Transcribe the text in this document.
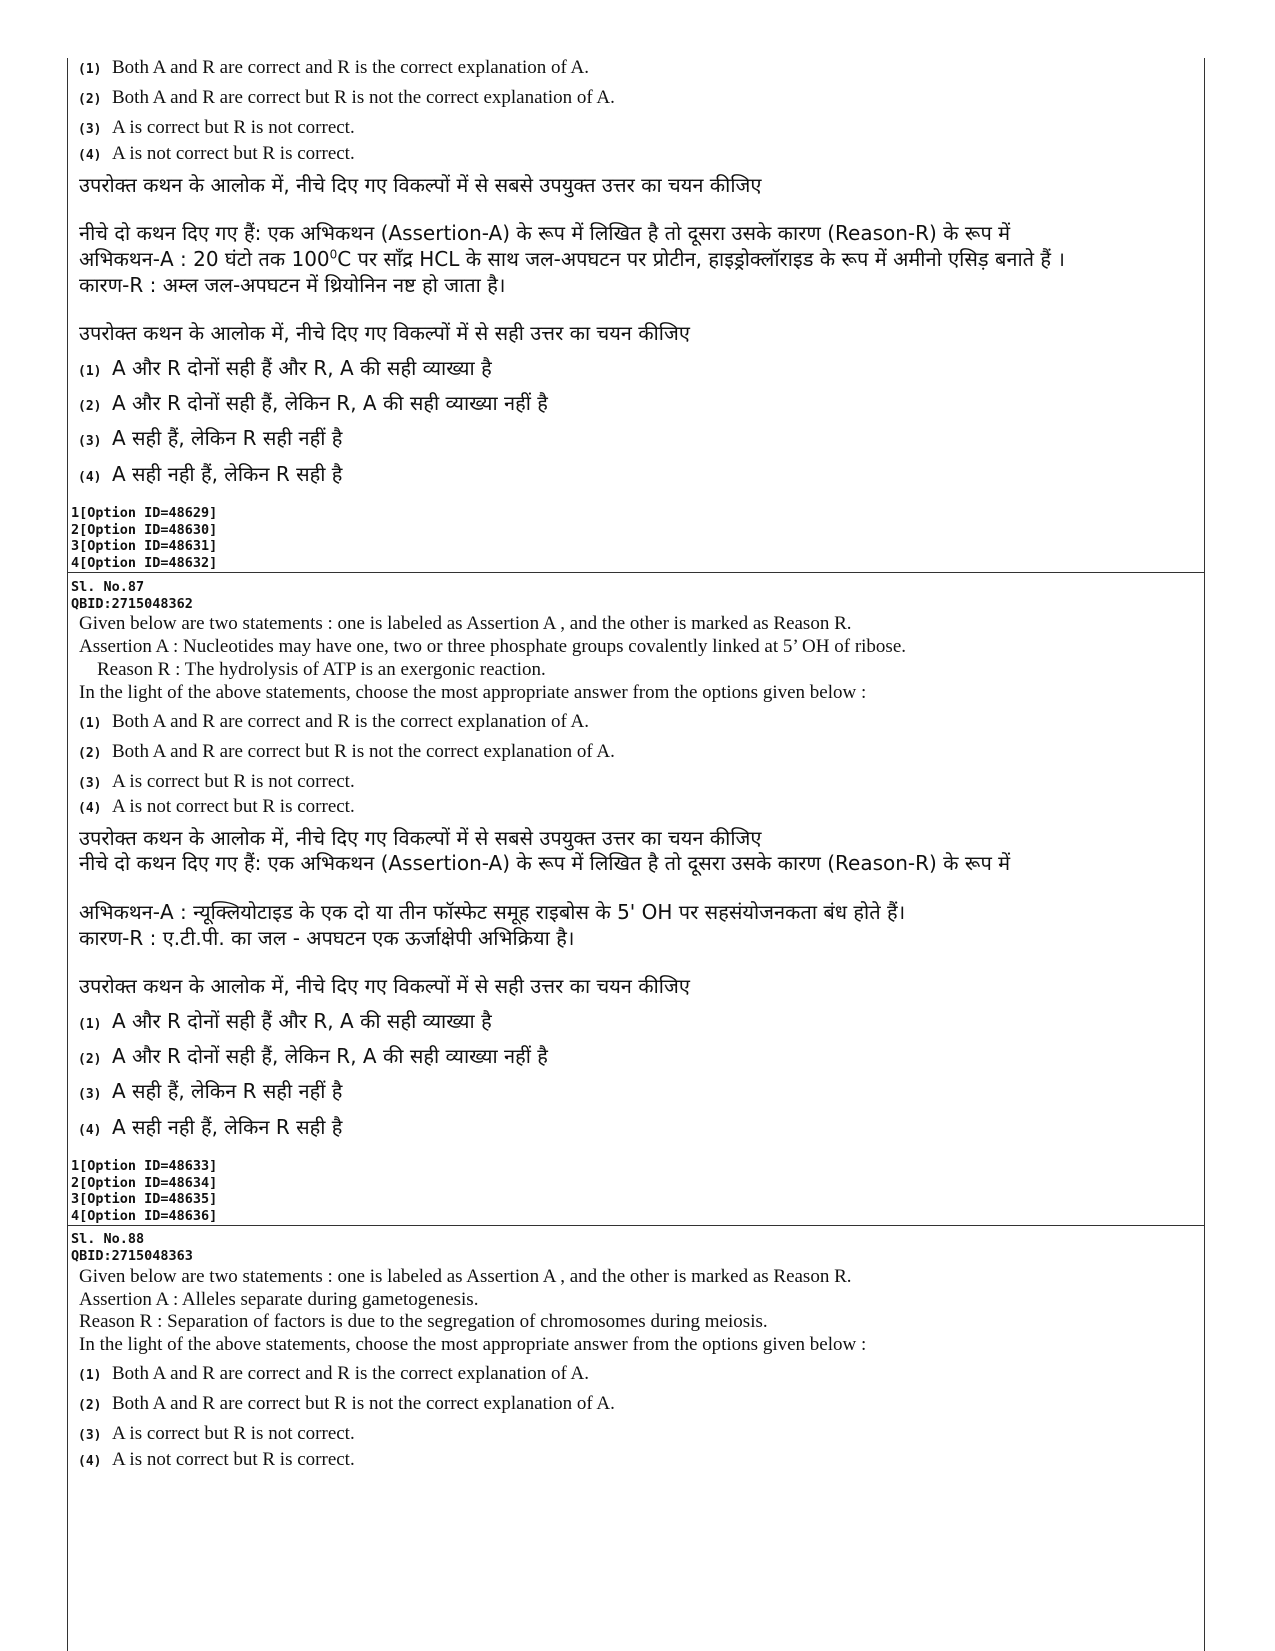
(1) Both A and R are correct and R is the correct explanation of A.
(2) Both A and R are correct but R is not the correct explanation of A.
(3) A is correct but R is not correct.
(4) A is not correct but R is correct.
उपरोक्त कथन के आलोक में, नीचे दिए गए विकल्पों में से सबसे उपयुक्त उत्तर का चयन कीजिए
नीचे दो कथन दिए गए हैं: एक अभिकथन (Assertion-A) के रूप में लिखित है तो दूसरा उसके कारण (Reason-R) के रूप में
अभिकथन-A : 20 घंटो तक $100^0C$ पर साँद्र HCL के साथ जल-अपघटन पर प्रोटीन, हाइड्रोक्लॉराइड के रूप में अमीनो एसिड़ बनाते हैं ।
कारण-R : अम्ल जल-अपघटन में थ्रियोनिन नष्ट हो जाता है।
उपरोक्त कथन के आलोक में, नीचे दिए गए विकल्पों में से सही उत्तर का चयन कीजिए
(1) A और R दोनों सही हैं और R, A की सही व्याख्या है
(2) A और R दोनों सही हैं, लेकिन R, A की सही व्याख्या नहीं है
(3) A सही हैं, लेकिन R सही नहीं है
(4) A सही नही हैं, लेकिन R सही है
1[Option ID=48629]
2[Option ID=48630]
3[Option ID=48631]
4[Option ID=48632]
Sl. No.87
QBID:2715048362
Given below are two statements : one is labeled as Assertion A , and the other is marked as Reason R.
Assertion A : Nucleotides may have one, two or three phosphate groups covalently linked at 5’ OH of ribose.
Reason R : The hydrolysis of ATP is an exergonic reaction.
In the light of the above statements, choose the most appropriate answer from the options given below :
(1) Both A and R are correct and R is the correct explanation of A.
(2) Both A and R are correct but R is not the correct explanation of A.
(3) A is correct but R is not correct.
(4) A is not correct but R is correct.
उपरोक्त कथन के आलोक में, नीचे दिए गए विकल्पों में से सबसे उपयुक्त उत्तर का चयन कीजिए
नीचे दो कथन दिए गए हैं: एक अभिकथन (Assertion-A) के रूप में लिखित है तो दूसरा उसके कारण (Reason-R) के रूप में
अभिकथन-A : न्यूक्लियोटाइड के एक दो या तीन फॉस्फेट समूह राइबोस के 5' OH पर सहसंयोजनकता बंध होते हैं।
कारण-R : ए.टी.पी. का जल - अपघटन एक ऊर्जाक्षेपी अभिक्रिया है।
उपरोक्त कथन के आलोक में, नीचे दिए गए विकल्पों में से सही उत्तर का चयन कीजिए
(1) A और R दोनों सही हैं और R, A की सही व्याख्या है
(2) A और R दोनों सही हैं, लेकिन R, A की सही व्याख्या नहीं है
(3) A सही हैं, लेकिन R सही नहीं है
(4) A सही नही हैं, लेकिन R सही है
1[Option ID=48633]
2[Option ID=48634]
3[Option ID=48635]
4[Option ID=48636]
Sl. No.88
QBID:2715048363
Given below are two statements : one is labeled as Assertion A , and the other is marked as Reason R.
Assertion A : Alleles separate during gametogenesis.
Reason R : Separation of factors is due to the segregation of chromosomes during meiosis.
In the light of the above statements, choose the most appropriate answer from the options given below :
(1) Both A and R are correct and R is the correct explanation of A.
(2) Both A and R are correct but R is not the correct explanation of A.
(3) A is correct but R is not correct.
(4) A is not correct but R is correct.
